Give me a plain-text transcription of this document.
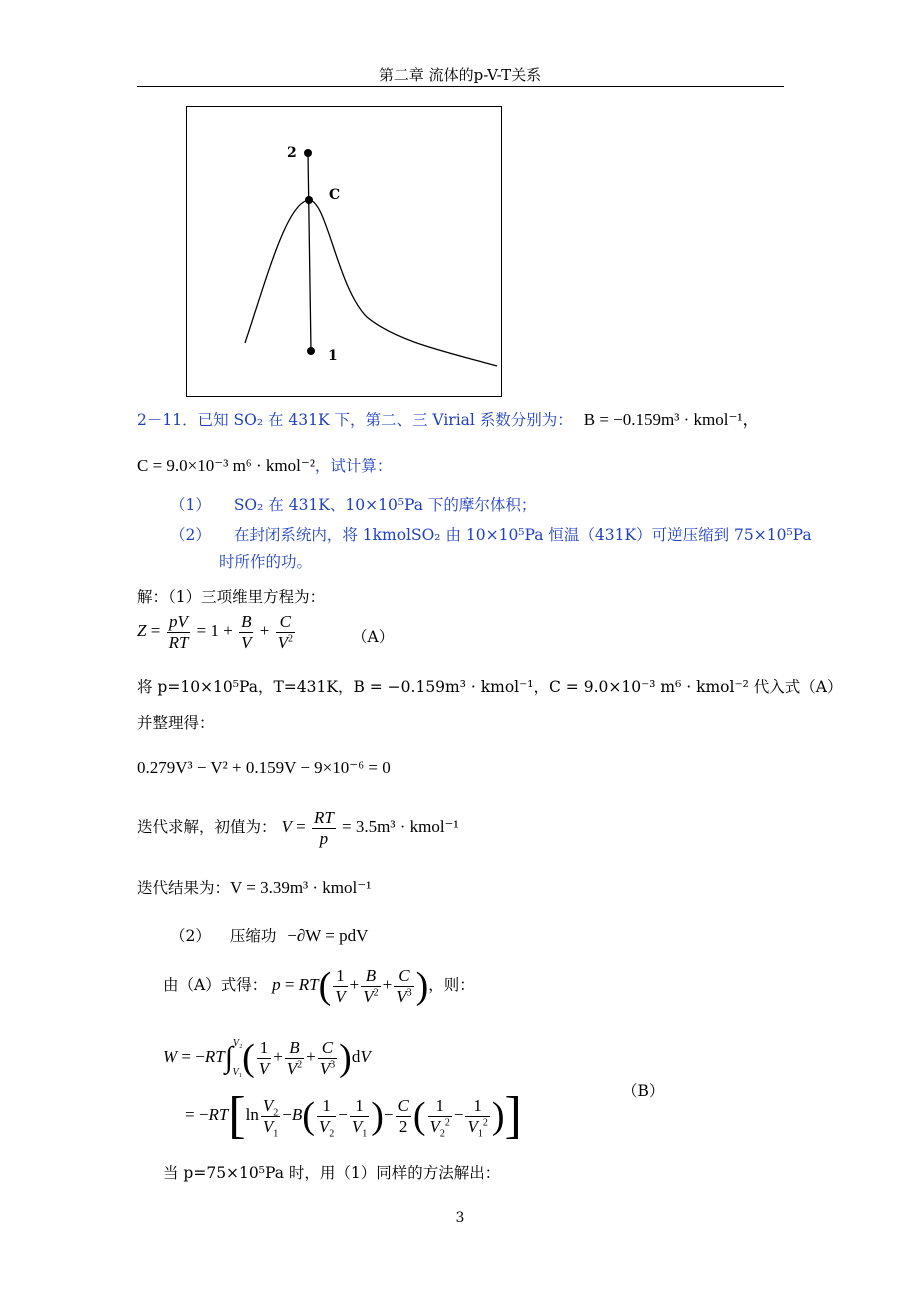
第二章 流体的p-V-T关系
2
C
1
2－11．已知 SO₂ 在 431K 下，第二、三 Virial 系数分别为： B = −0.159m³ · kmol⁻¹，
C = 9.0×10⁻³ m⁶ · kmol⁻²，试计算：
（1） SO₂ 在 431K、10×10⁵Pa 下的摩尔体积；
（2） 在封闭系统内，将 1kmolSO₂ 由 10×10⁵Pa 恒温（431K）可逆压缩到 75×10⁵Pa
时所作的功。
解：（1）三项维里方程为：
$Z = \frac{pV}{RT} = 1 + \frac{B}{V} + \frac{C}{V^2}$	（A）
将 p=10×10⁵Pa，T=431K，B = −0.159m³ · kmol⁻¹，C = 9.0×10⁻³ m⁶ · kmol⁻² 代入式（A）
并整理得：
0.279V³ − V² + 0.159V − 9×10⁻⁶ = 0
迭代求解，初值为： $V = \frac{RT}{p} = 3.5m^3$ · kmol⁻¹
迭代结果为：V = 3.39m³ · kmol⁻¹
（2） 压缩功 −∂W = pdV
由（A）式得： $p = RT( \frac{1}{V} + \frac{B}{V^2} + \frac{C}{V^3}$ )，则：
$W = -RT\int^{V_2}V_1( \frac{1}{V} + \frac{B}{V^2} + \frac{C}{V^3} )dV$
（B）
= $-RT[\ln \frac{V_2}{V_1} -B( \frac{1}{V_2} - \frac{1}{V_1}$ )− $\frac{C}{2}$ ( $\frac{1}{V_2^2} - \frac{1}{V_1^2}$ )]
当 p=75×10⁵Pa 时，用（1）同样的方法解出：
3
